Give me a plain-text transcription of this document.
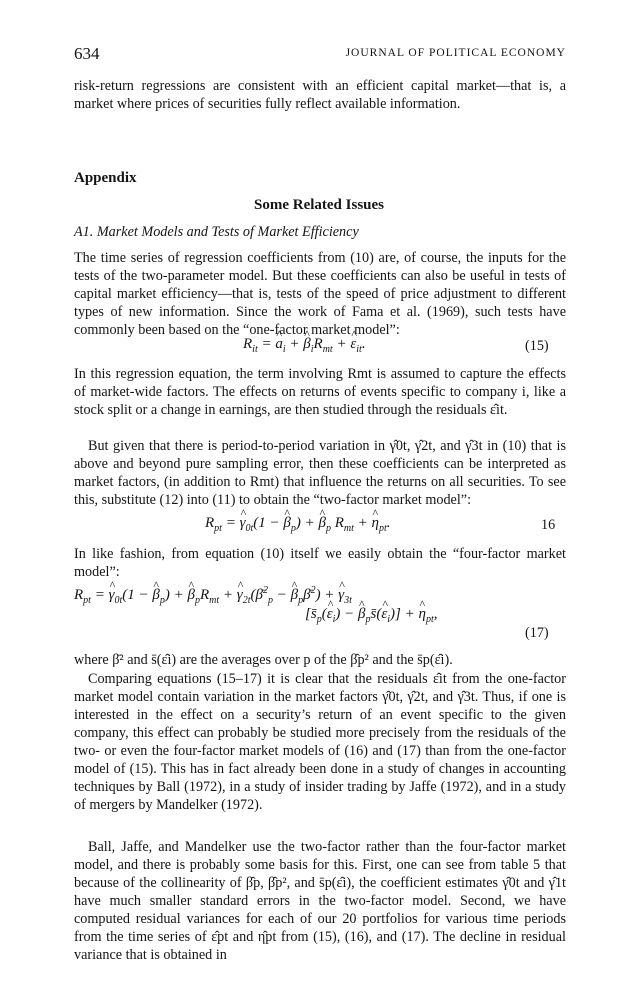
634	JOURNAL OF POLITICAL ECONOMY
risk-return regressions are consistent with an efficient capital market—that is, a market where prices of securities fully reflect available information.
Appendix
Some Related Issues
A1. Market Models and Tests of Market Efficiency
The time series of regression coefficients from (10) are, of course, the inputs for the tests of the two-parameter model. But these coefficients can also be useful in tests of capital market efficiency—that is, tests of the speed of price adjustment to different types of new information. Since the work of Fama et al. (1969), such tests have commonly been based on the “one-factor market model”:
$R_{it}$ = ^ $a_i$ + ^ $\beta_iR_{mt}$ + ^ $\varepsilon_{it}$.	(15)
In this regression equation, the term involving Rmt is assumed to capture the effects of market-wide factors. The effects on returns of events specific to company i, like a stock split or a change in earnings, are then studied through the residuals ε̂it.
But given that there is period-to-period variation in γ̂0t, γ̂2t, and γ̂3t in (10) that is above and beyond pure sampling error, then these coefficients can be interpreted as market factors, (in addition to Rmt) that influence the returns on all securities. To see this, substitute (12) into (11) to obtain the “two-factor market model”:
$R_{pt}$ = ^ $\gamma_{0t}(1$ − ^ $\beta_p$) + ^ $\beta_p$ $R_{mt}$ + ^ $\eta_{pt}$.	16
In like fashion, from equation (10) itself we easily obtain the “four-factor market model”:
$R_{pt}$ = ^ $\gamma_{0t}(1$ − ^ $\beta_p$) + ^ $\beta_pR_{mt}$ + ^ $\gamma_{2t}(\betā^2_p$ − ^ $\beta_p\betā^2$) + ^ $\gamma_{3t}$
[$s̄_p(\^{}$ $\varepsilon_i$) − ^ $\beta_ps̄(\^{}$ $\varepsilon_i$)] + ^ $\eta_{pt}$,
(17)
where β̄² and s̄(ε̂i) are the averages over p of the β̂p² and the s̄p(ε̂i).
Comparing equations (15–17) it is clear that the residuals ε̂it from the one-factor market model contain variation in the market factors γ̂0t, γ̂2t, and γ̂3t. Thus, if one is interested in the effect on a security’s return of an event specific to the given company, this effect can probably be studied more precisely from the residuals of the two- or even the four-factor market models of (16) and (17) than from the one-factor model of (15). This has in fact already been done in a study of changes in accounting techniques by Ball (1972), in a study of insider trading by Jaffe (1972), and in a study of mergers by Mandelker (1972).
Ball, Jaffe, and Mandelker use the two-factor rather than the four-factor market model, and there is probably some basis for this. First, one can see from table 5 that because of the collinearity of β̂p, β̂p², and s̄p(ε̂i), the coefficient estimates γ̂0t and γ̂1t have much smaller standard errors in the two-factor model. Second, we have computed residual variances for each of our 20 portfolios for various time periods from the time series of ε̂pt and η̂pt from (15), (16), and (17). The decline in residual variance that is obtained in
